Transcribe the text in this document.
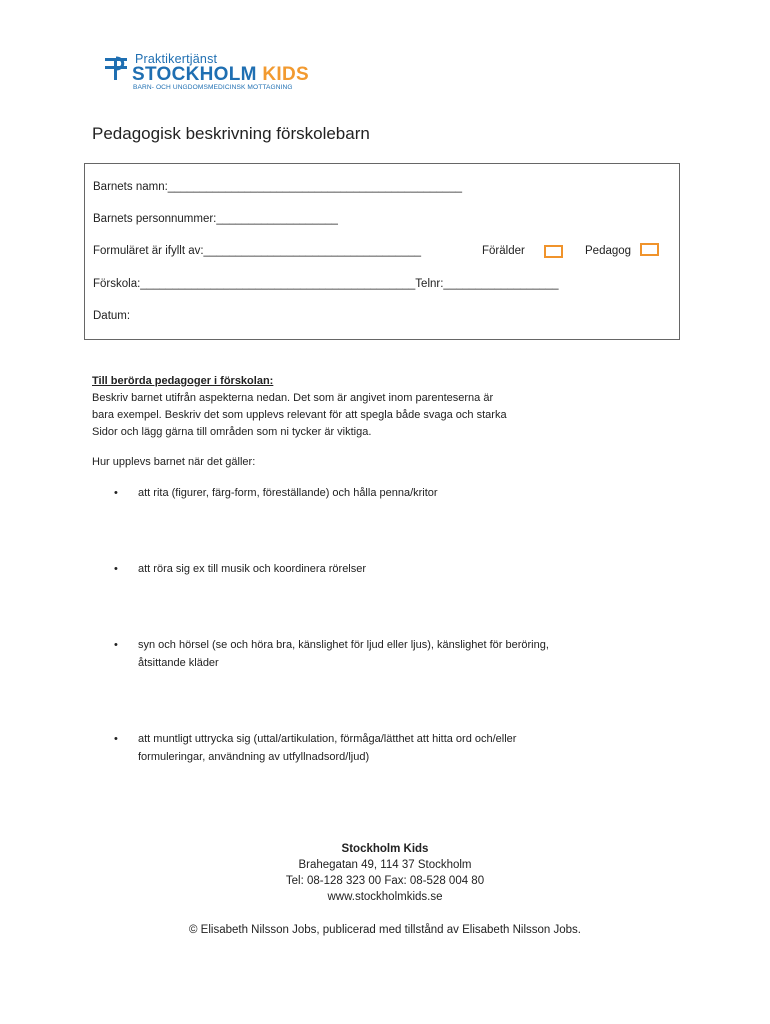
Praktikertjänst
STOCKHOLM KIDS
BARN- OCH UNGDOMSMEDICINSK MOTTAGNING
Pedagogisk beskrivning förskolebarn
Barnets namn:______________________________________________
Barnets personnummer:___________________
Formuläret är ifyllt av:__________________________________	Förälder	Pedagog
Förskola:___________________________________________Telnr:__________________
Datum:
Till berörda pedagoger i förskolan:
Beskriv barnet utifrån aspekterna nedan. Det som är angivet inom parenteserna är
bara exempel. Beskriv det som upplevs relevant för att spegla både svaga och starka
Sidor och lägg gärna till områden som ni tycker är viktiga.
Hur upplevs barnet när det gäller:
• att rita (figurer, färg-form, föreställande) och hålla penna/kritor
• att röra sig ex till musik och koordinera rörelser
• syn och hörsel (se och höra bra, känslighet för ljud eller ljus), känslighet för beröring,
åtsittande kläder
• att muntligt uttrycka sig (uttal/artikulation, förmåga/lätthet att hitta ord och/eller
formuleringar, användning av utfyllnadsord/ljud)
Stockholm Kids
Brahegatan 49, 114 37 Stockholm
Tel: 08-128 323 00 Fax: 08-528 004 80
www.stockholmkids.se
© Elisabeth Nilsson Jobs, publicerad med tillstånd av Elisabeth Nilsson Jobs.
